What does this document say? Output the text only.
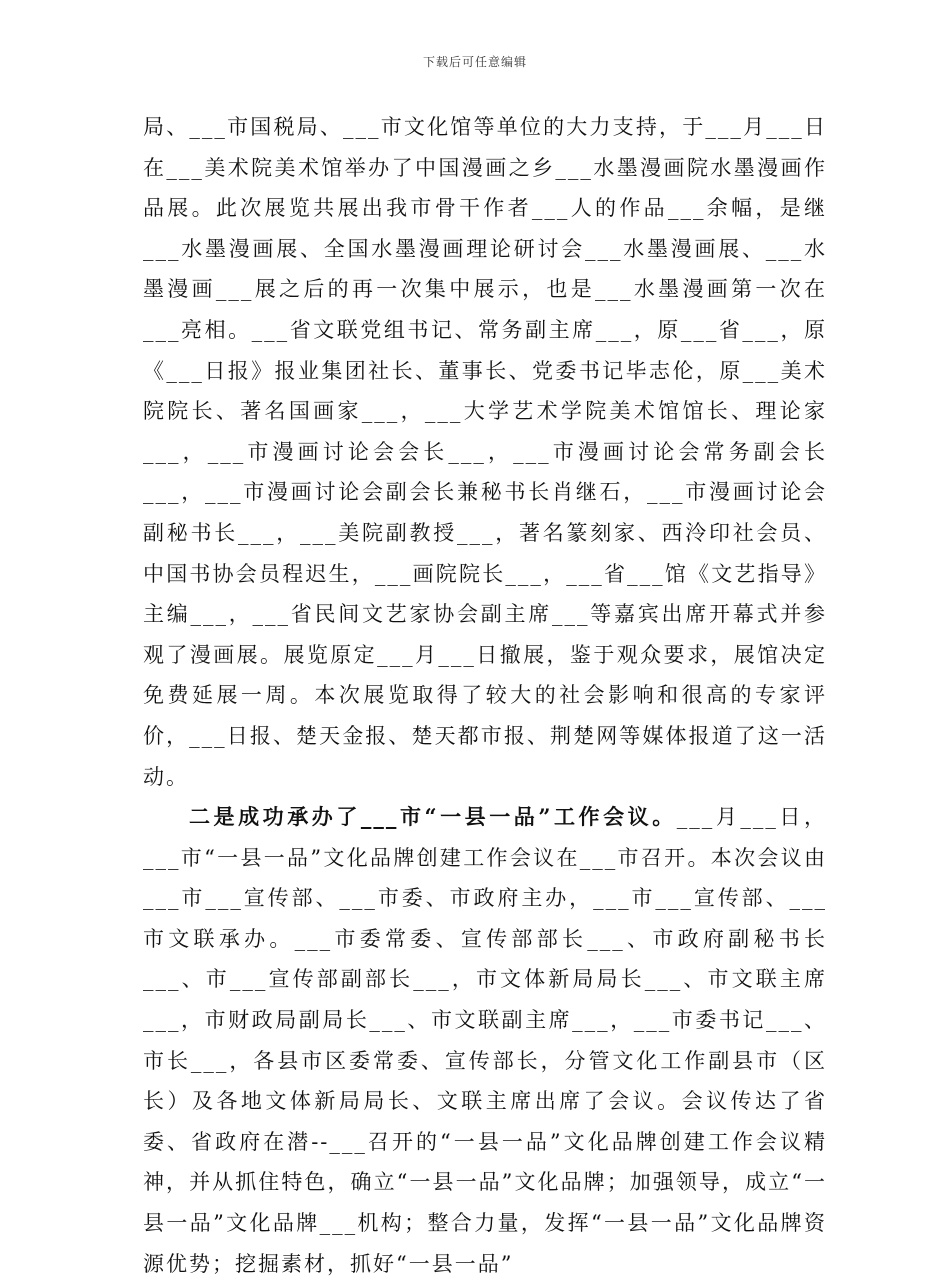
下载后可任意编辑

局、___市国税局、___市文化馆等单位的大力支持，于___月___日在___美术院美术馆举办了中国漫画之乡___水墨漫画院水墨漫画作品展。此次展览共展出我市骨干作者___人的作品___余幅，是继___水墨漫画展、全国水墨漫画理论研讨会___水墨漫画展、___水墨漫画___展之后的再一次集中展示，也是___水墨漫画第一次在___亮相。___省文联党组书记、常务副主席___，原___省___，原《___日报》报业集团社长、董事长、党委书记毕志伦，原___美术院院长、著名国画家___，___大学艺术学院美术馆馆长、理论家___，___市漫画讨论会会长___，___市漫画讨论会常务副会长___，___市漫画讨论会副会长兼秘书长肖继石，___市漫画讨论会副秘书长___，___美院副教授___，著名篆刻家、西泠印社会员、中国书协会员程迟生，___画院院长___，___省___馆《文艺指导》主编___，___省民间文艺家协会副主席___等嘉宾出席开幕式并参观了漫画展。展览原定___月___日撤展，鉴于观众要求，展馆决定免费延展一周。本次展览取得了较大的社会影响和很高的专家评价，___日报、楚天金报、楚天都市报、荆楚网等媒体报道了这一活动。

二是成功承办了___市“一县一品”工作会议。___月___日，___市“一县一品”文化品牌创建工作会议在___市召开。本次会议由___市___宣传部、___市委、市政府主办，___市___宣传部、___市文联承办。___市委常委、宣传部部长___、市政府副秘书长___、市___宣传部副部长___，市文体新局局长___、市文联主席___，市财政局副局长___、市文联副主席___，___市委书记___、市长___，各县市区委常委、宣传部长，分管文化工作副县市（区长）及各地文体新局局长、文联主席出席了会议。会议传达了省委、省政府在潜--___召开的“一县一品”文化品牌创建工作会议精神，并从抓住特色，确立“一县一品”文化品牌；加强领导，成立“一县一品”文化品牌___机构；整合力量，发挥“一县一品”文化品牌资源优势；挖掘素材，抓好“一县一品”
